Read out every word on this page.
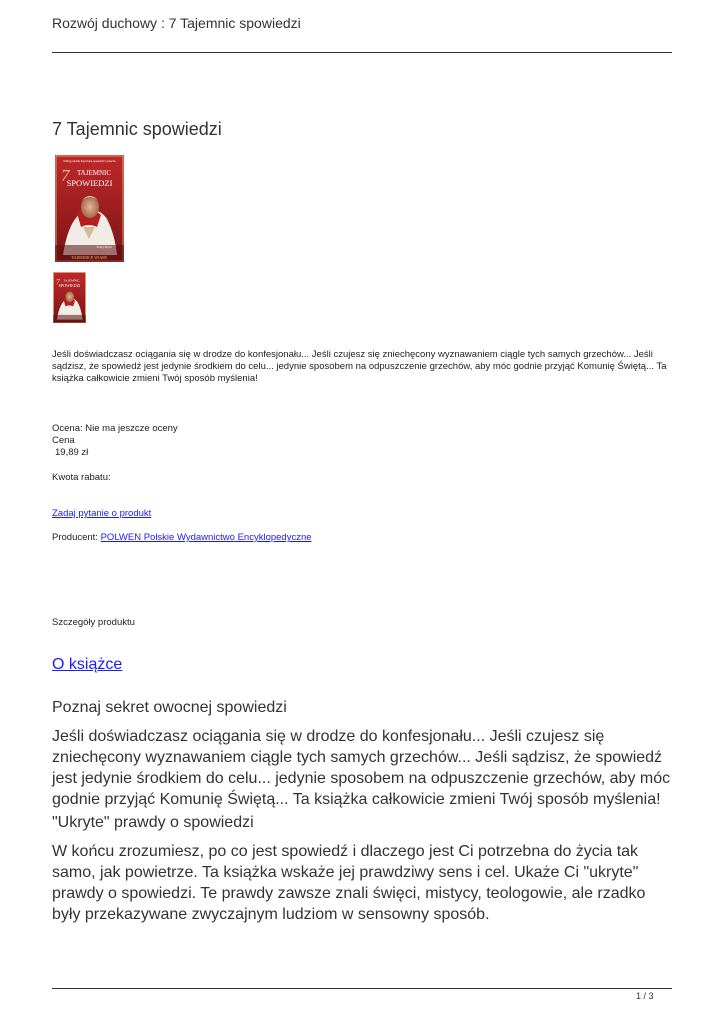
Rozwój duchowy : 7 Tajemnic spowiedzi
7 Tajemnic spowiedzi
Odkryj prawdę dotyczącą spowiedzi i grzechu
7 TAJEMNIC
SPOWIEDZI
Vinny Flynn
TAJEMNICE WIARY
7 TAJEMNIC
SPOWIEDZI
Jeśli doświadczasz ociągania się w drodze do konfesjonału... Jeśli czujesz się zniechęcony wyznawaniem ciągle tych samych grzechów... Jeśli sądzisz, że spowiedź jest jedynie środkiem do celu... jedynie sposobem na odpuszczenie grzechów, aby móc godnie przyjąć Komunię Świętą... Ta książka całkowicie zmieni Twój sposób myślenia!
Ocena: Nie ma jeszcze oceny
Cena
19,89 zł
Kwota rabatu:
Zadaj pytanie o produkt
Producent: POLWEN Polskie Wydawnictwo Encyklopedyczne
Szczegóły produktu
O książce
Poznaj sekret owocnej spowiedzi
Jeśli doświadczasz ociągania się w drodze do konfesjonału... Jeśli czujesz się zniechęcony wyznawaniem ciągle tych samych grzechów... Jeśli sądzisz, że spowiedź jest jedynie środkiem do celu... jedynie sposobem na odpuszczenie grzechów, aby móc godnie przyjąć Komunię Świętą... Ta książka całkowicie zmieni Twój sposób myślenia!
"Ukryte" prawdy o spowiedzi
W końcu zrozumiesz, po co jest spowiedź i dlaczego jest Ci potrzebna do życia tak samo, jak powietrze. Ta książka wskaże jej prawdziwy sens i cel. Ukaże Ci "ukryte" prawdy o spowiedzi. Te prawdy zawsze znali święci, mistycy, teologowie, ale rzadko były przekazywane zwyczajnym ludziom w sensowny sposób.
1 / 3
